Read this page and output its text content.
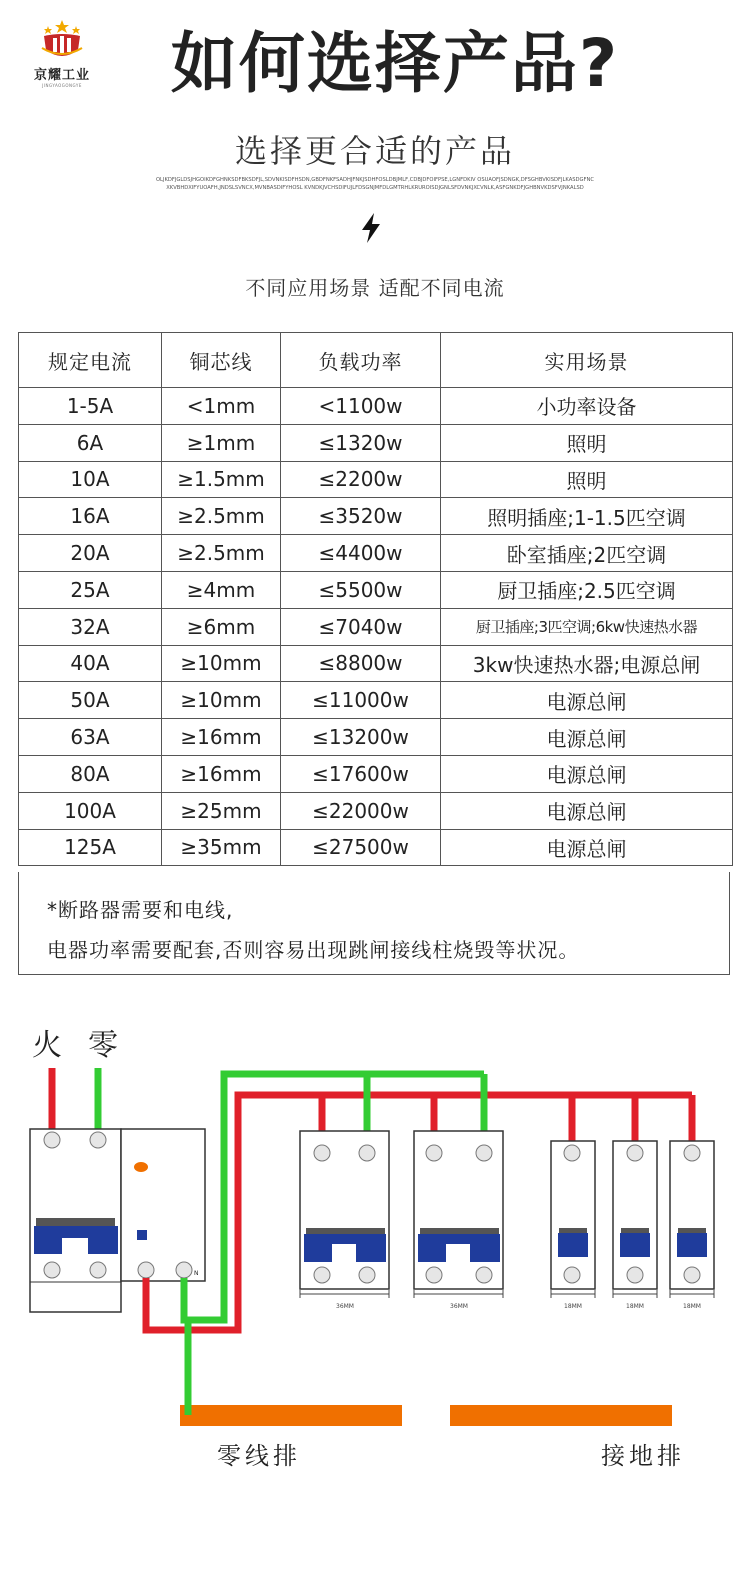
京耀工业
JINGYAOGONGYE	如何选择产品?
选择更合适的产品
OLJKDFJGLDSJHGOIKDFGHNKSDFBKSDFJL,SDVNKISDFHSDN,GBDFNKFSADHJFNKJSDHFOSLDBJMLF,CDBJDFOIFPSE,LGNFDKIV OSUAOFJSDNGK,DFSGHBVKISDFJLKASDGFNCXKVBHDXIFYUOAFH,JNDSLSVNCX,MVNBASDIFYHOSL KVNDKJVCHSDIFUJLFDSGNJMFDLGMTRHLKRUROISDJGNLSFDVNKJXCVNLK,ASFGNKDFJGHBNVKDSFVJNKALSD
不同应用场景 适配不同电流
规定电流	铜芯线	负载功率	实用场景
1-5A	<1mm	<1100w	小功率设备
6A	≥1mm	≤1320w	照明
10A	≥1.5mm	≤2200w	照明
16A	≥2.5mm	≤3520w	照明插座;1-1.5匹空调
20A	≥2.5mm	≤4400w	卧室插座;2匹空调
25A	≥4mm	≤5500w	厨卫插座;2.5匹空调
32A	≥6mm	≤7040w	厨卫插座;3匹空调;6kw快速热水器
40A	≥10mm	≤8800w	3kw快速热水器;电源总闸
50A	≥10mm	≤11000w	电源总闸
63A	≥16mm	≤13200w	电源总闸
80A	≥16mm	≤17600w	电源总闸
100A	≥25mm	≤22000w	电源总闸
125A	≥35mm	≤27500w	电源总闸

*断路器需要和电线,

电器功率需要配套,否则容易出现跳闸接线柱烧毁等状况。

火 零
N
36MM	36MM	18MM	18MM	18MM
零线排	接地排
